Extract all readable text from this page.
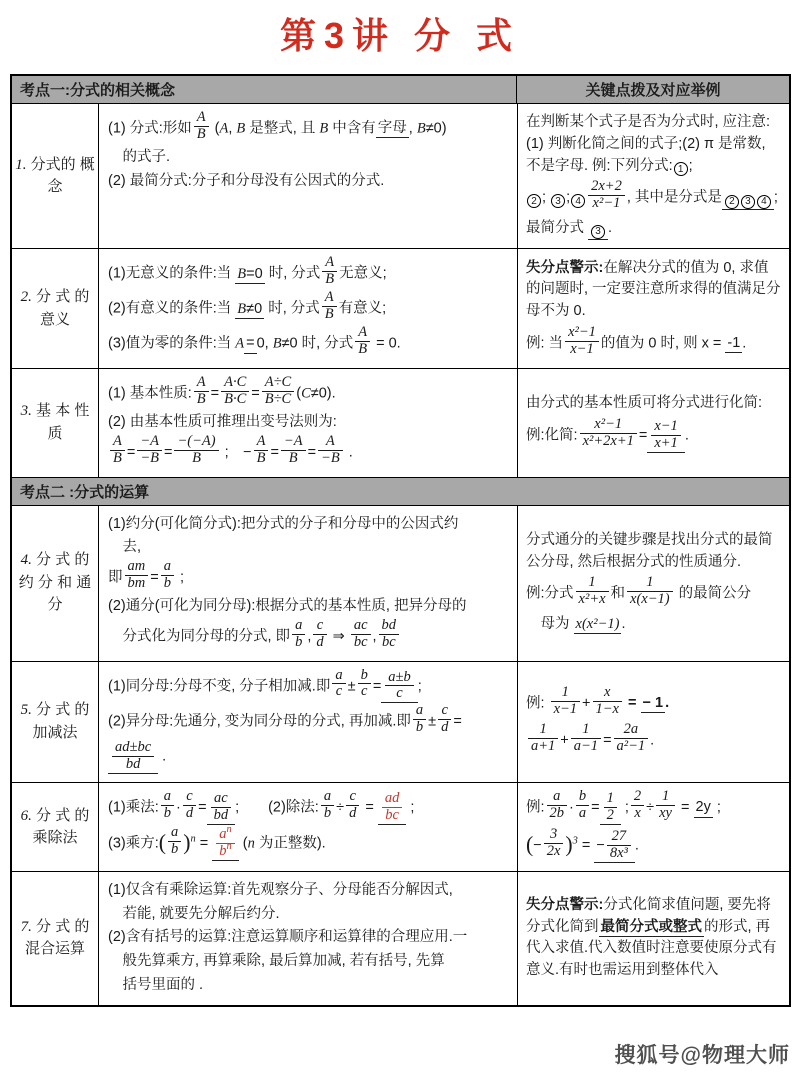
第3讲 分 式
考点一:分式的相关概念	关键点拨及对应举例
1. 分式的 概念
(1) 分式:形如 $\frac{A}{B} (A$, B 是整式, 且 B 中含有 字母 , B≠0)
　的式子.
(2) 最简分式:分子和分母没有公因式的分式.
在判断某个式子是否为分式时, 应注意:(1) 判断化简之间的式子;(2) π 是常数, 不是字母. 例:下列分式: 1 ;
2 ; 3 ; $4 \frac{2x+2}{\text{x²−1}}$ , 其中是分式是 2 3 4 ;
最简分式 3 .
2. 分 式 的 意义
(1)无意义的条件:当 B=0 时, 分式 $\frac{A}{B}$ 无意义;
(2)有意义的条件:当 B≠0 时, 分式 $\frac{A}{B}$ 有意义;
(3)值为零的条件:当 A = 0, B≠0 时, 分式 $\frac{A}{B} = 0$.
失分点警示:在解决分式的值为 0, 求值的问题时, 一定要注意所求得的值满足分母不为 0.
例: 当 $\frac{\text{x²−1}}{x-1}$ 的值为 0 时, 则 x = -1 .
3. 基 本 性 质
(1) 基本性质: $\frac{A}{B} = \frac{A\cdot C}{B\cdot C} = \frac{A\div C}{B\div C} (C\ne 0)$.
(2) 由基本性质可推理出变号法则为:
$\frac{A}{B} = \frac{-A}{-B} = \frac{-(-A)}{B}$ ;　− $\frac{A}{B} = \frac{-A}{B} = \frac{A}{-B}$ .
由分式的基本性质可将分式进行化简:
例:化简: $\frac{\text{x²−1}}{\text{x²+2x+1}} = \frac{x-1}{x+1}$ .
考点二 :分式的运算
4. 分 式 的 约 分 和 通分
(1)约分(可化简分式):把分式的分子和分母中的公因式约
　去,
即 $\frac{am}{bm} = \frac{a}{b}$ ;
(2)通分(可化为同分母):根据分式的基本性质, 把异分母的
　分式化为同分母的分式, 即 $\frac{a}{b}$ , $\frac{c}{d}$ ⇒ $\frac{ac}{bc}$ , $\frac{bd}{bc}$
分式通分的关键步骤是找出分式的最简公分母, 然后根据分式的性质通分.
例:分式 $\frac{1}{\text{x²+x}}$ 和 $\frac{1}{x(x-1)}$ 的最简公分
　母为 x(x²−1) .
5. 分 式 的 加减法
(1)同分母:分母不变, 分子相加减.即 $\frac{a}{c} \pm \frac{b}{c} = \frac{a\pm b}{c}$ ;
(2)异分母:先通分, 变为同分母的分式, 再加减.即 $\frac{a}{b} \pm \frac{c}{d}$ =
$\frac{ad\pm bc}{bd}$ .
例: $\frac{1}{x-1} + \frac{x}{1-x}$ = − 1 .
$\frac{1}{a+1} + \frac{1}{a-1} = \frac{2a}{\text{a²−1}}$ .
6. 分 式 的 乘除法
(1)乘法: $\frac{a}{b} \cdot \frac{c}{d} = \frac{ac}{bd}$ ;　　(2)除法: $\frac{a}{b} \div \frac{c}{d} = \frac{ad}{bc}$ ;
(3)乘方:( $\frac{a}{b} )^n = \frac{a^n}{b^n} (n$ 为正整数).
例: $\frac{a}{2b} \cdot \frac{b}{a} = \frac{1}{2}$ ; $\frac{2}{x} \div \frac{1}{xy} = 2y$ ;
(− $\frac{3}{2x} )^3$ = − $\frac{27}{\text{8x³}}$ .
7. 分 式 的 混合运算
(1)仅含有乘除运算:首先观察分子、分母能否分解因式,
　若能, 就要先分解后约分.
(2)含有括号的运算:注意运算顺序和运算律的合理应用.一
　般先算乘方, 再算乘除, 最后算加减, 若有括号, 先算
　括号里面的 .
失分点警示:分式化简求值问题, 要先将分式化简到 最简分式或整式 的形式, 再代入求值.代入数值时注意要使原分式有意义.有时也需运用到整体代入
搜狐号@物理大师
